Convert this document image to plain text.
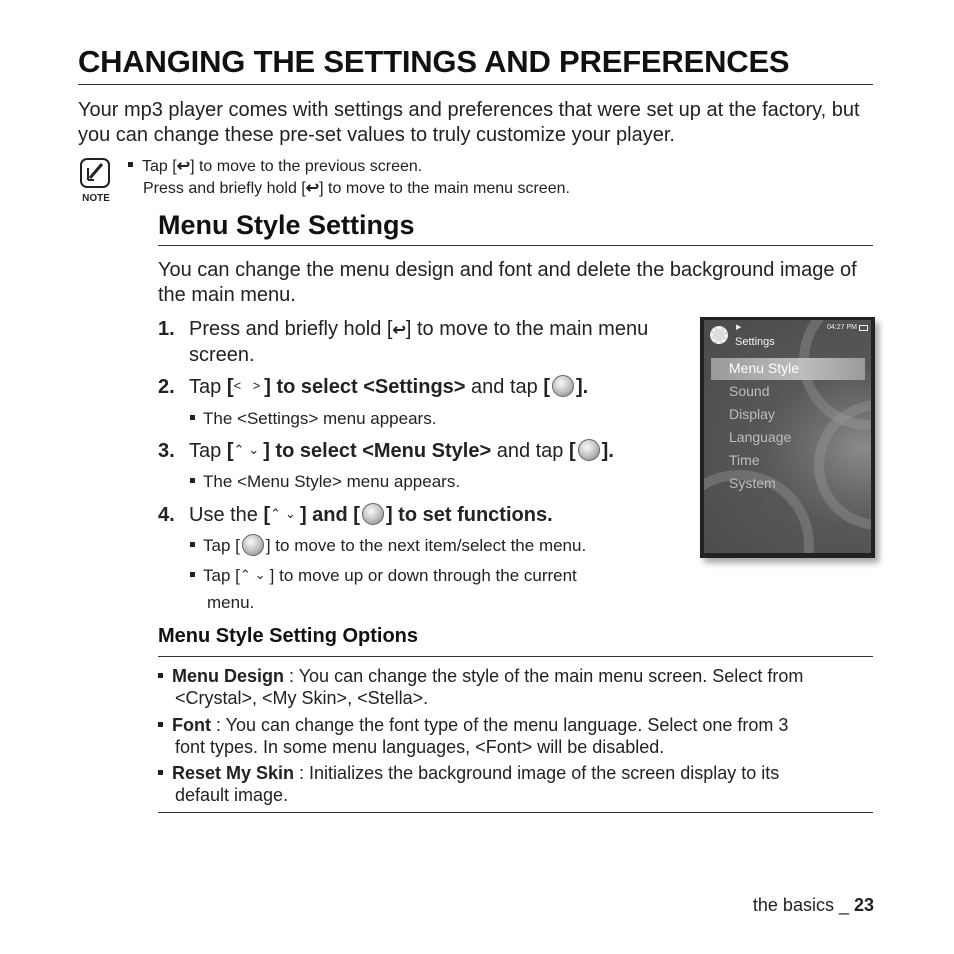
CHANGING THE SETTINGS AND PREFERENCES

Your mp3 player comes with settings and preferences that were set up at the factory, but you can change these pre-set values to truly customize your player.

NOTE
Tap [↩] to move to the previous screen.
Press and briefly hold [↩] to move to the main menu screen.
Menu Style Settings

You can change the menu design and font and delete the background image of the main menu.

1. Press and briefly hold [↩] to move to the main menu screen.
2. Tap [< >] to select <Settings> and tap [ ].
The <Settings> menu appears.
3. Tap [⌃⌄] to select <Menu Style> and tap [ ].
The <Menu Style> menu appears.
4. Use the [⌃⌄] and [ ] to set functions.
Tap [ ] to move to the next item/select the menu.
Tap [⌃⌄] to move up or down through the current
menu.
▶	04:27 PM
Settings
Menu Style
Sound
Display
Language
Time
System
Menu Style Setting Options
Menu Design : You can change the style of the main menu screen. Select from
<Crystal>, <My Skin>, <Stella>.
Font : You can change the font type of the menu language. Select one from 3
font types. In some menu languages, <Font> will be disabled.
Reset My Skin : Initializes the background image of the screen display to its
default image.
the basics _ 23
